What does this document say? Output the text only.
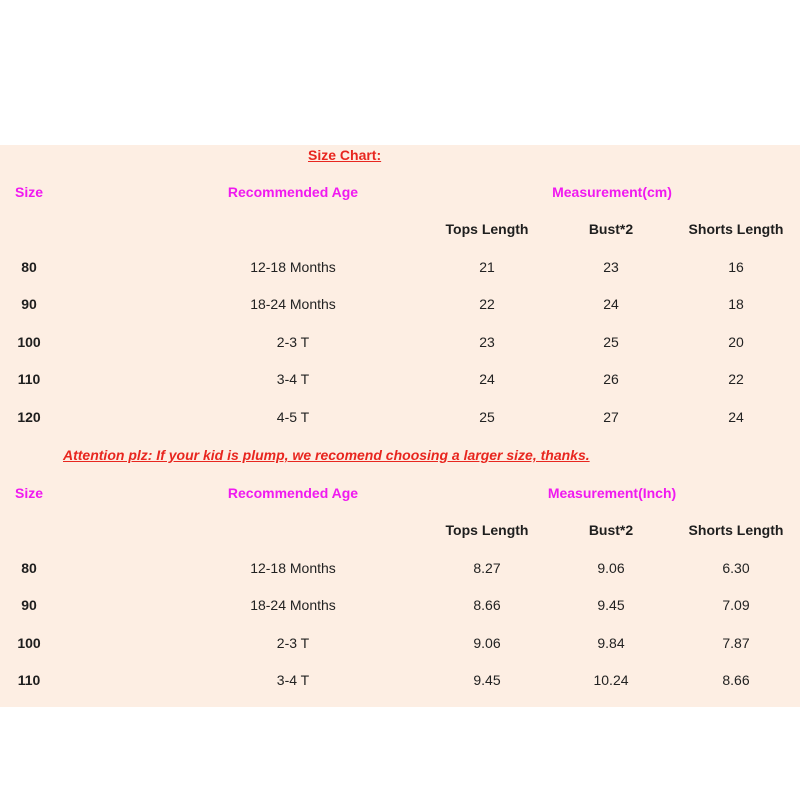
Size Chart:
Size	Recommended Age	Measurement(cm)
Tops Length	Bust*2	Shorts Length
80	12-18 Months	21	23	16
90	18-24 Months	22	24	18
100	2-3 T	23	25	20
110	3-4 T	24	26	22
120	4-5 T	25	27	24
Attention plz: If your kid is plump, we recomend choosing a larger size, thanks.
Size	Recommended Age	Measurement(Inch)
Tops Length	Bust*2	Shorts Length
80	12-18 Months	8.27	9.06	6.30
90	18-24 Months	8.66	9.45	7.09
100	2-3 T	9.06	9.84	7.87
110	3-4 T	9.45	10.24	8.66
